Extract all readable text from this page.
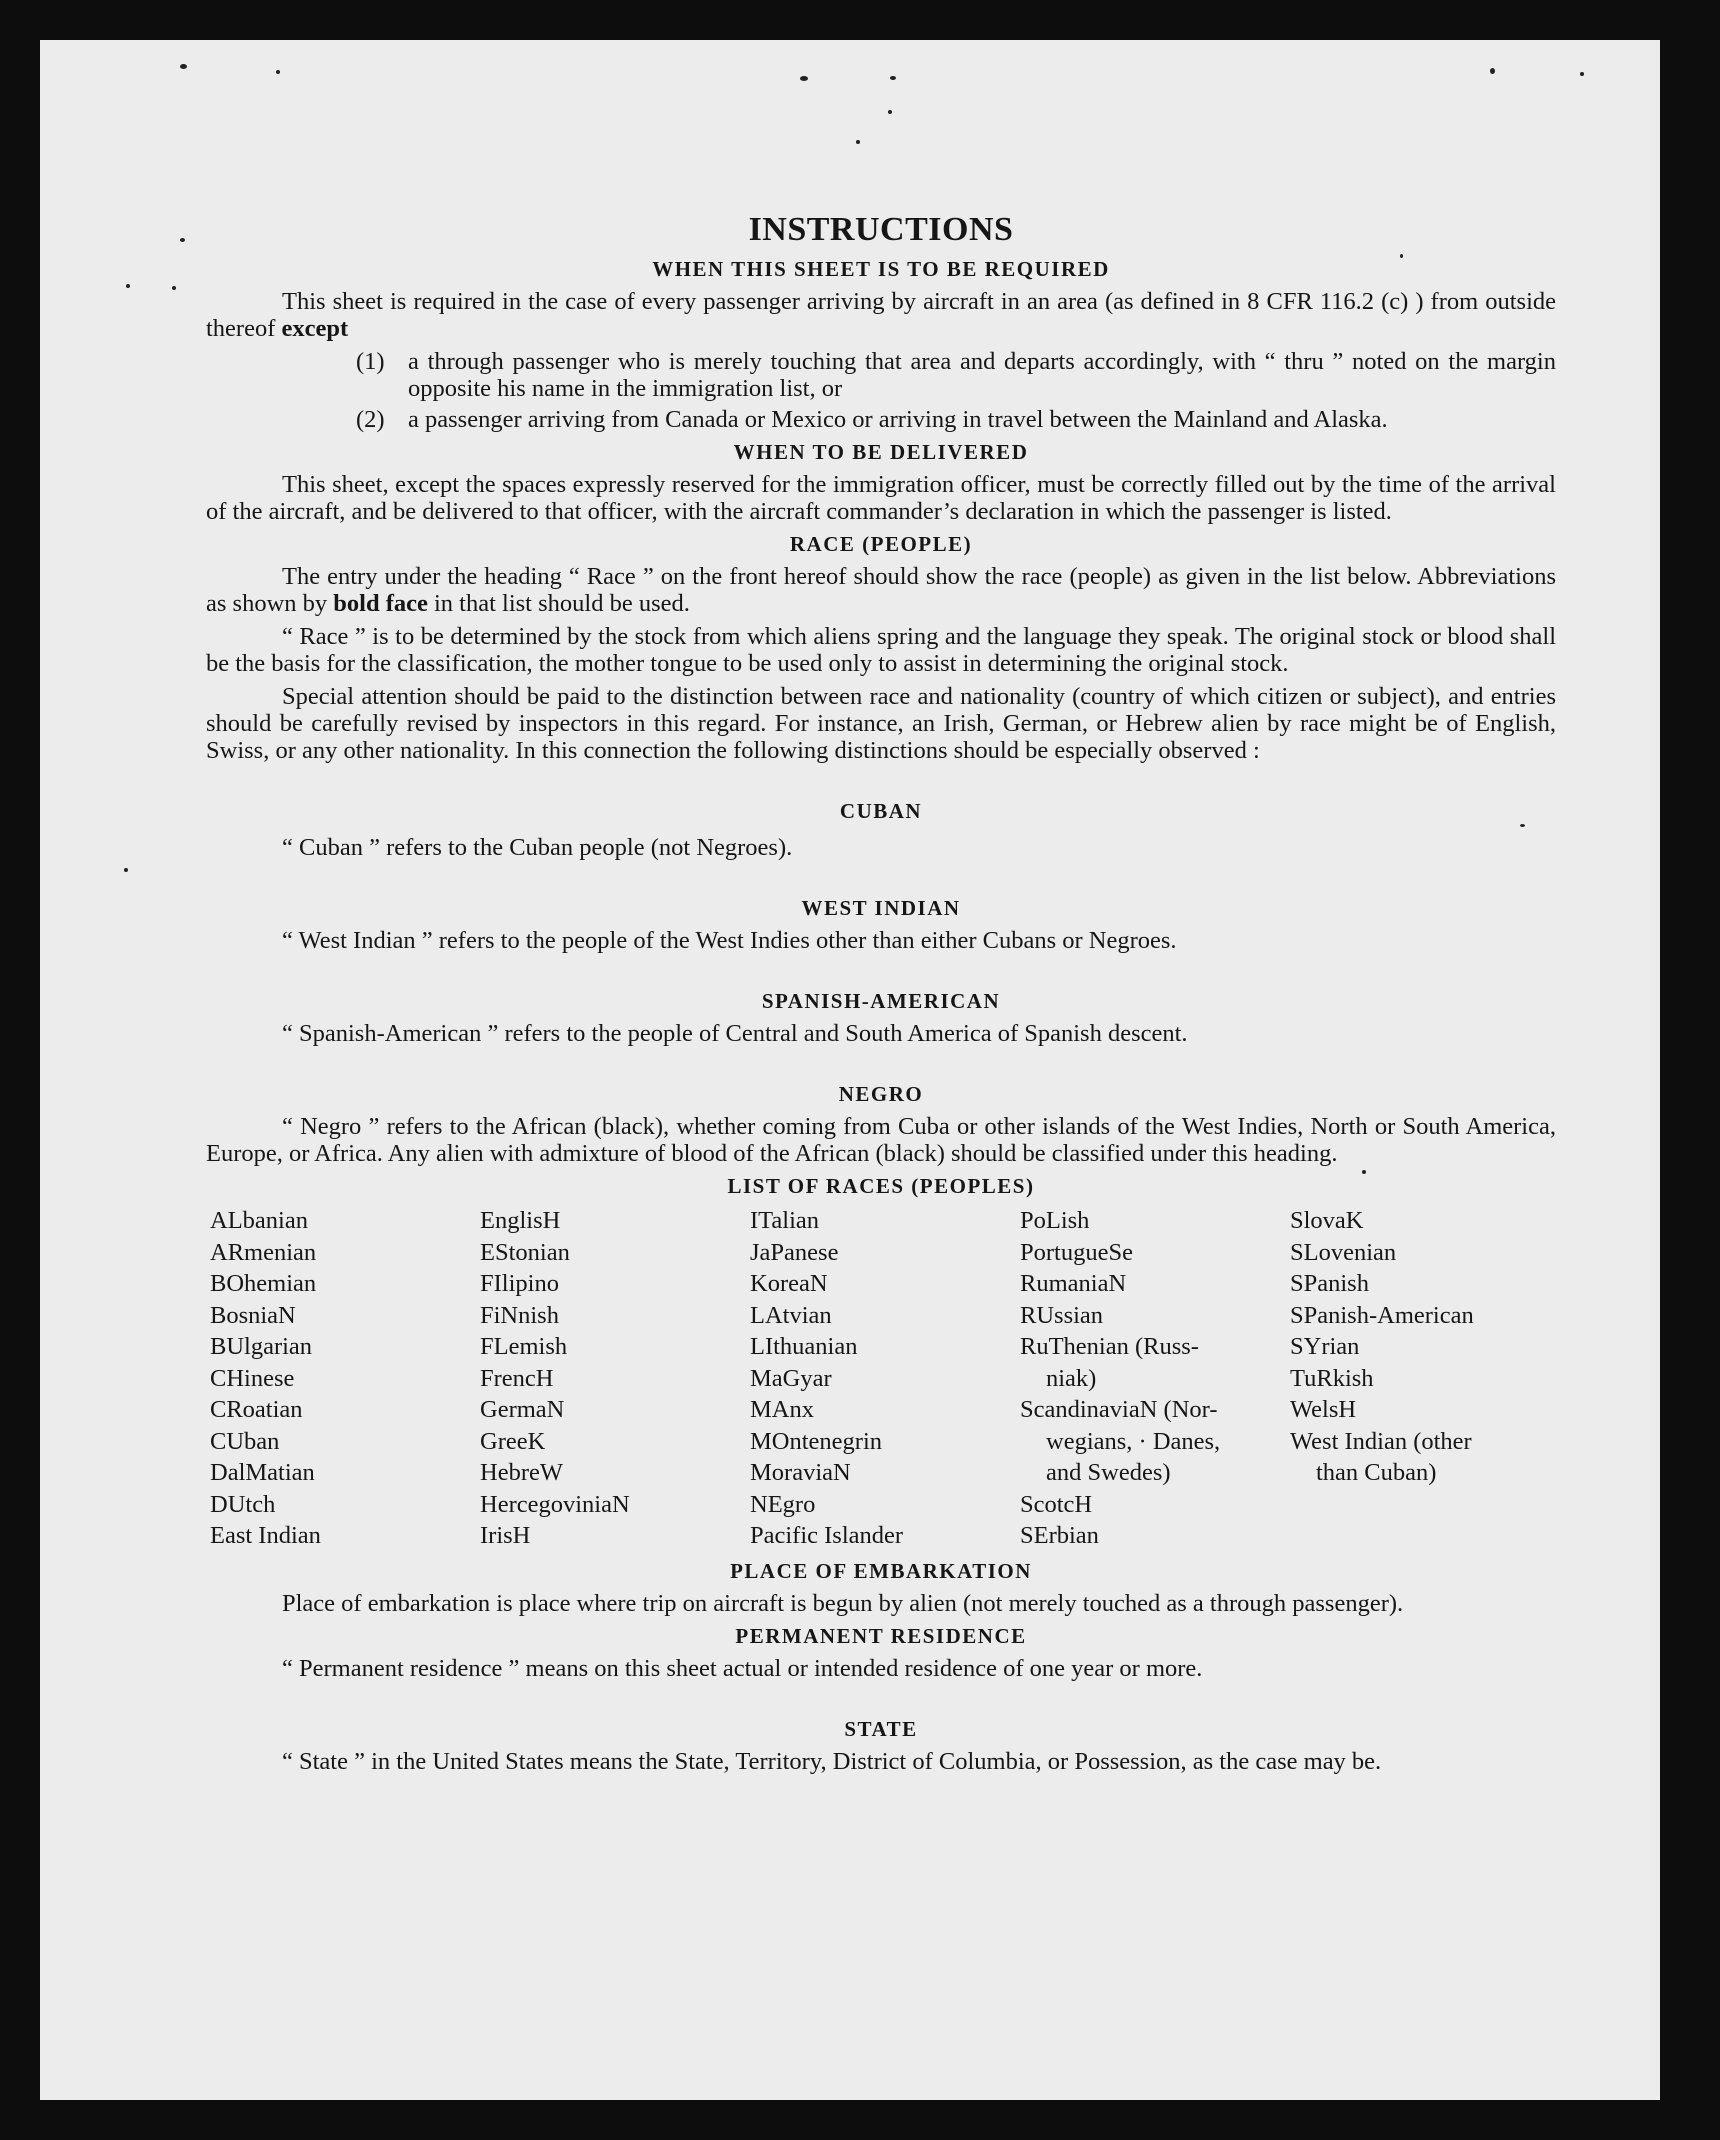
INSTRUCTIONS
WHEN THIS SHEET IS TO BE REQUIRED
This sheet is required in the case of every passenger arriving by aircraft in an area (as defined in 8 CFR 116.2 (c) ) from outside thereof except
(1) a through passenger who is merely touching that area and departs accordingly, with “ thru ” noted on the margin opposite his name in the immigration list, or
(2) a passenger arriving from Canada or Mexico or arriving in travel between the Mainland and Alaska.
WHEN TO BE DELIVERED
This sheet, except the spaces expressly reserved for the immigration officer, must be correctly filled out by the time of the arrival of the aircraft, and be delivered to that officer, with the aircraft commander’s declaration in which the passenger is listed.
RACE (PEOPLE)
The entry under the heading “ Race ” on the front hereof should show the race (people) as given in the list below. Abbreviations as shown by bold face in that list should be used.
“ Race ” is to be determined by the stock from which aliens spring and the language they speak. The original stock or blood shall be the basis for the classification, the mother tongue to be used only to assist in determining the original stock.
Special attention should be paid to the distinction between race and nationality (country of which citizen or subject), and entries should be carefully revised by inspectors in this regard. For instance, an Irish, German, or Hebrew alien by race might be of English, Swiss, or any other nationality. In this connection the following distinctions should be especially observed :
CUBAN
“ Cuban ” refers to the Cuban people (not Negroes).
WEST INDIAN
“ West Indian ” refers to the people of the West Indies other than either Cubans or Negroes.
SPANISH-AMERICAN
“ Spanish-American ” refers to the people of Central and South America of Spanish descent.
NEGRO
“ Negro ” refers to the African (black), whether coming from Cuba or other islands of the West Indies, North or South America, Europe, or Africa. Any alien with admixture of blood of the African (black) should be classified under this heading.
LIST OF RACES (PEOPLES)
ALbanian
ARmenian
BOhemian
BosniaN
BUlgarian
CHinese
CRoatian
CUban
DalMatian
DUtch
East Indian
EnglisH
EStonian
FIlipino
FiNnish
FLemish
FrencH
GermaN
GreeK
HebreW
HercegoviniaN
IrisH
ITalian
JaPanese
KoreaN
LAtvian
LIthuanian
MaGyar
MAnx
MOntenegrin
MoraviaN
NEgro
Pacific Islander
PoLish
PortugueSe
RumaniaN
RUssian
RuThenian (Russ-
niak)
ScandinaviaN (Nor-
wegians, · Danes,
and Swedes)
ScotcH
SErbian
SlovaK
SLovenian
SPanish
SPanish-American
SYrian
TuRkish
WelsH
West Indian (other
than Cuban)
PLACE OF EMBARKATION
Place of embarkation is place where trip on aircraft is begun by alien (not merely touched as a through passenger).
PERMANENT RESIDENCE
“ Permanent residence ” means on this sheet actual or intended residence of one year or more.
STATE
“ State ” in the United States means the State, Territory, District of Columbia, or Possession, as the case may be.
